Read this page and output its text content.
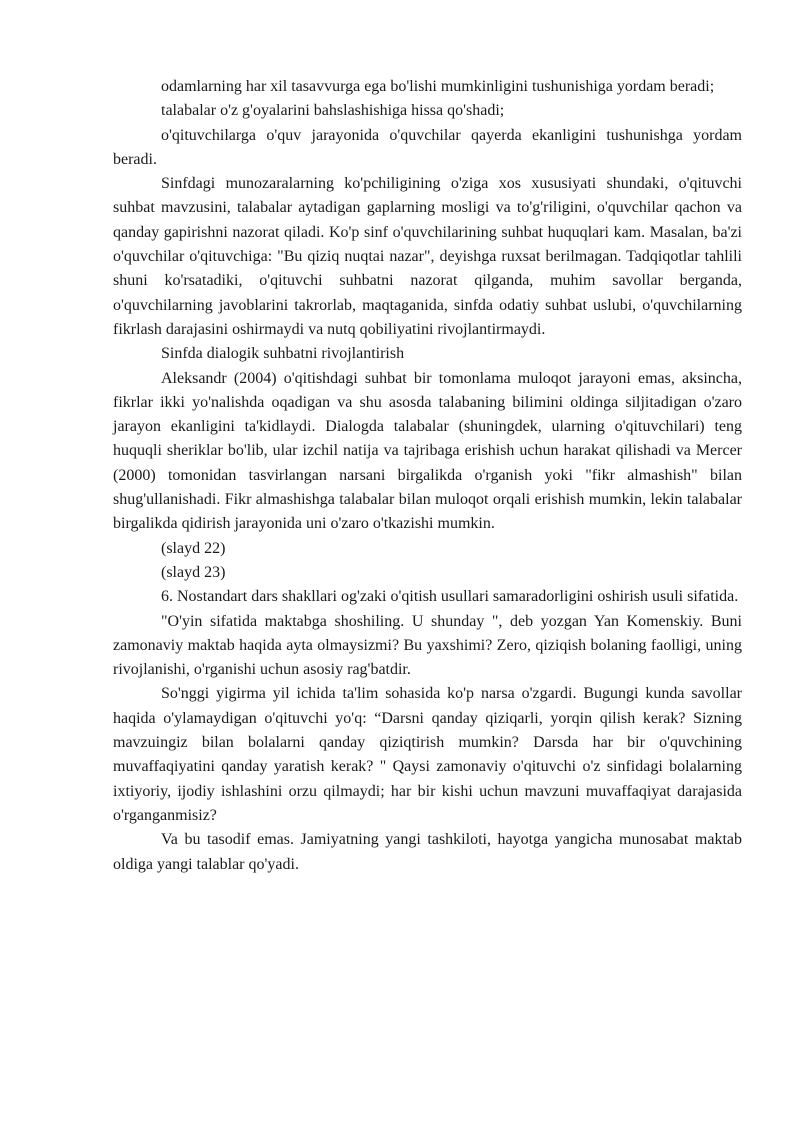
odamlarning har xil tasavvurga ega bo'lishi mumkinligini tushunishiga yordam beradi;

talabalar o'z g'oyalarini bahslashishiga hissa qo'shadi;

o'qituvchilarga o'quv jarayonida o'quvchilar qayerda ekanligini tushunishga yordam beradi.

Sinfdagi munozaralarning ko'pchiligining o'ziga xos xususiyati shundaki, o'qituvchi suhbat mavzusini, talabalar aytadigan gaplarning mosligi va to'g'riligini, o'quvchilar qachon va qanday gapirishni nazorat qiladi. Ko'p sinf o'quvchilarining suhbat huquqlari kam. Masalan, ba'zi o'quvchilar o'qituvchiga: "Bu qiziq nuqtai nazar", deyishga ruxsat berilmagan. Tadqiqotlar tahlili shuni ko'rsatadiki, o'qituvchi suhbatni nazorat qilganda, muhim savollar berganda, o'quvchilarning javoblarini takrorlab, maqtaganida, sinfda odatiy suhbat uslubi, o'quvchilarning fikrlash darajasini oshirmaydi va nutq qobiliyatini rivojlantirmaydi.

Sinfda dialogik suhbatni rivojlantirish

Aleksandr (2004) o'qitishdagi suhbat bir tomonlama muloqot jarayoni emas, aksincha, fikrlar ikki yo'nalishda oqadigan va shu asosda talabaning bilimini oldinga siljitadigan o'zaro jarayon ekanligini ta'kidlaydi. Dialogda talabalar (shuningdek, ularning o'qituvchilari) teng huquqli sheriklar bo'lib, ular izchil natija va tajribaga erishish uchun harakat qilishadi va Mercer (2000) tomonidan tasvirlangan narsani birgalikda o'rganish yoki "fikr almashish" bilan shug'ullanishadi. Fikr almashishga talabalar bilan muloqot orqali erishish mumkin, lekin talabalar birgalikda qidirish jarayonida uni o'zaro o'tkazishi mumkin.

(slayd 22)

(slayd 23)

6. Nostandart dars shakllari og'zaki o'qitish usullari samaradorligini oshirish usuli sifatida.

"O'yin sifatida maktabga shoshiling. U shunday ", deb yozgan Yan Komenskiy. Buni zamonaviy maktab haqida ayta olmaysizmi? Bu yaxshimi? Zero, qiziqish bolaning faolligi, uning rivojlanishi, o'rganishi uchun asosiy rag'batdir.

So'nggi yigirma yil ichida ta'lim sohasida ko'p narsa o'zgardi. Bugungi kunda savollar haqida o'ylamaydigan o'qituvchi yo'q: “Darsni qanday qiziqarli, yorqin qilish kerak? Sizning mavzuingiz bilan bolalarni qanday qiziqtirish mumkin? Darsda har bir o'quvchining muvaffaqiyatini qanday yaratish kerak? " Qaysi zamonaviy o'qituvchi o'z sinfidagi bolalarning ixtiyoriy, ijodiy ishlashini orzu qilmaydi; har bir kishi uchun mavzuni muvaffaqiyat darajasida o'rganganmisiz?

Va bu tasodif emas. Jamiyatning yangi tashkiloti, hayotga yangicha munosabat maktab oldiga yangi talablar qo'yadi.
